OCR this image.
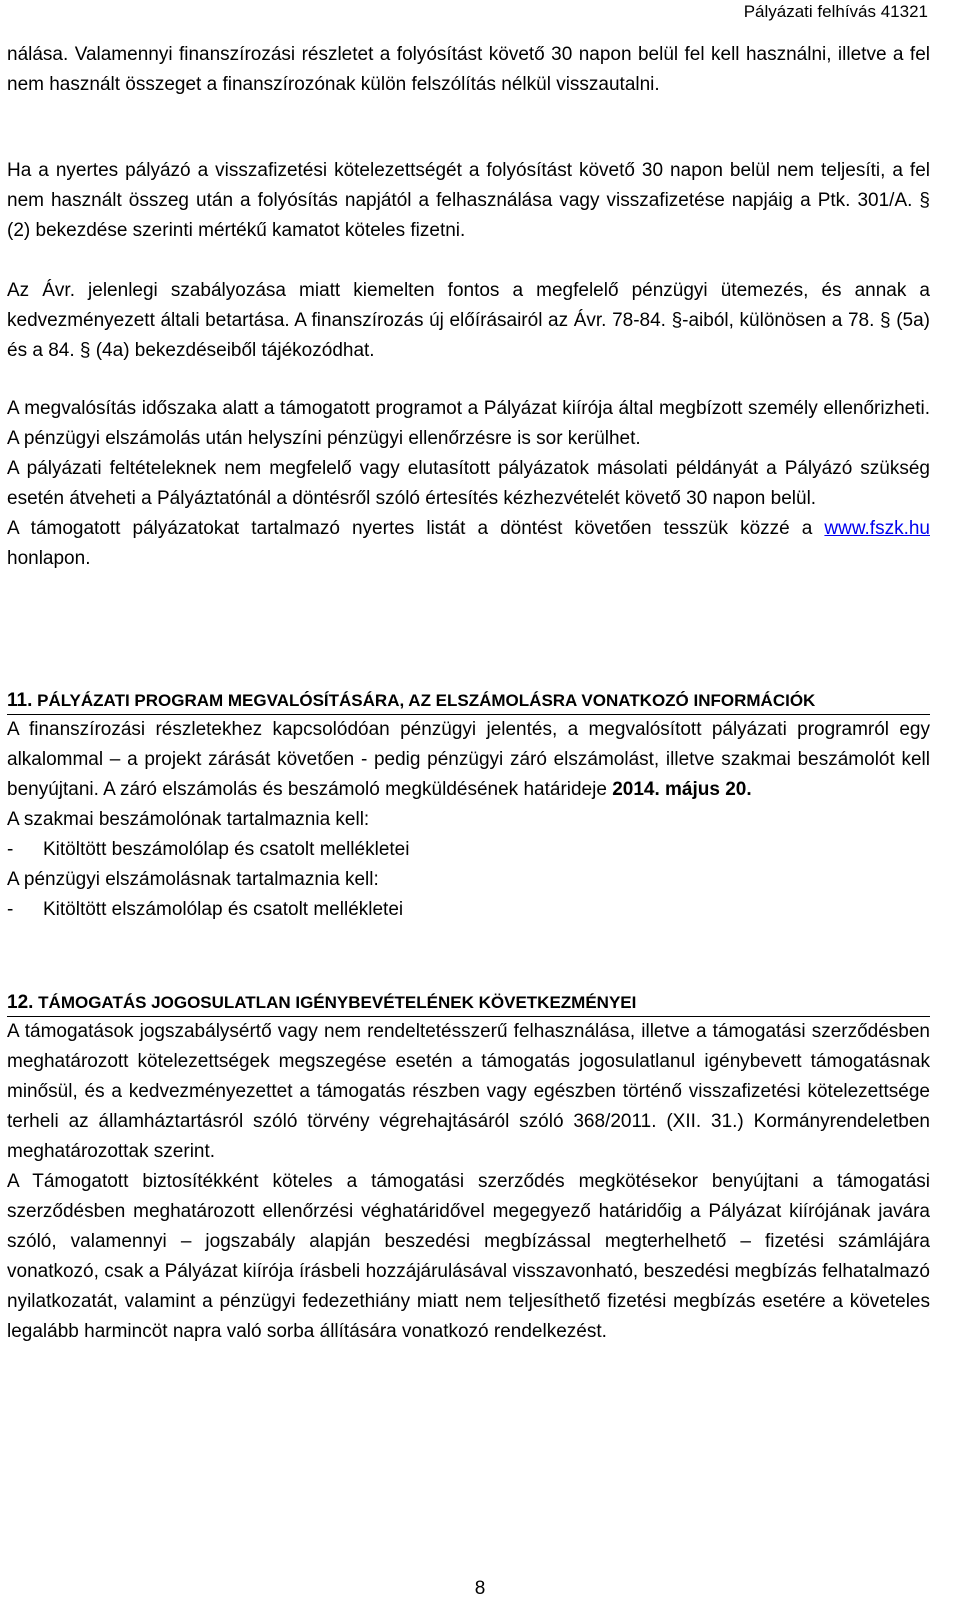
Pályázati felhívás 41321

nálása. Valamennyi finanszírozási részletet a folyósítást követő 30 napon belül fel kell használni, illetve a fel nem használt összeget a finanszírozónak külön felszólítás nélkül visszautalni.

Ha a nyertes pályázó a visszafizetési kötelezettségét a folyósítást követő 30 napon belül nem teljesíti, a fel nem használt összeg után a folyósítás napjától a felhasználása vagy visszafizetése napjáig a Ptk. 301/A. § (2) bekezdése szerinti mértékű kamatot köteles fizetni.

Az Ávr. jelenlegi szabályozása miatt kiemelten fontos a megfelelő pénzügyi ütemezés, és annak a kedvezményezett általi betartása. A finanszírozás új előírásairól az Ávr. 78-84. §-aiból, különösen a 78. § (5a) és a 84. § (4a) bekezdéseiből tájékozódhat.

A megvalósítás időszaka alatt a támogatott programot a Pályázat kiírója által megbízott személy ellenőrizheti. A pénzügyi elszámolás után helyszíni pénzügyi ellenőrzésre is sor kerülhet.

A pályázati feltételeknek nem megfelelő vagy elutasított pályázatok másolati példányát a Pályázó szükség esetén átveheti a Pályáztatónál a döntésről szóló értesítés kézhezvételét követő 30 napon belül.

A támogatott pályázatokat tartalmazó nyertes listát a döntést követően tesszük közzé a www.fszk.hu honlapon.

11. PÁLYÁZATI PROGRAM MEGVALÓSÍTÁSÁRA, AZ ELSZÁMOLÁSRA VONATKOZÓ INFORMÁCIÓK

A finanszírozási részletekhez kapcsolódóan pénzügyi jelentés, a megvalósított pályázati programról egy alkalommal – a projekt zárását követően - pedig pénzügyi záró elszámolást, illetve szakmai beszámolót kell benyújtani. A záró elszámolás és beszámoló megküldésének határideje 2014. május 20.

A szakmai beszámolónak tartalmaznia kell:

- Kitöltött beszámolólap és csatolt mellékletei

A pénzügyi elszámolásnak tartalmaznia kell:

- Kitöltött elszámolólap és csatolt mellékletei

12. TÁMOGATÁS JOGOSULATLAN IGÉNYBEVÉTELÉNEK KÖVETKEZMÉNYEI

A támogatások jogszabálysértő vagy nem rendeltetésszerű felhasználása, illetve a támogatási szerződésben meghatározott kötelezettségek megszegése esetén a támogatás jogosulatlanul igénybevett támogatásnak minősül, és a kedvezményezettet a támogatás részben vagy egészben történő visszafizetési kötelezettsége terheli az államháztartásról szóló törvény végrehajtásáról szóló 368/2011. (XII. 31.) Kormányrendeletben meghatározottak szerint.

A Támogatott biztosítékként köteles a támogatási szerződés megkötésekor benyújtani a támogatási szerződésben meghatározott ellenőrzési véghatáridővel megegyező határidőig a Pályázat kiírójának javára szóló, valamennyi – jogszabály alapján beszedési megbízással megterhelhető – fizetési számlájára vonatkozó, csak a Pályázat kiírója írásbeli hozzájárulásával visszavonható, beszedési megbízás felhatalmazó nyilatkozatát, valamint a pénzügyi fedezethiány miatt nem teljesíthető fizetési megbízás esetére a követeles legalább harmincöt napra való sorba állítására vonatkozó rendelkezést.

8
